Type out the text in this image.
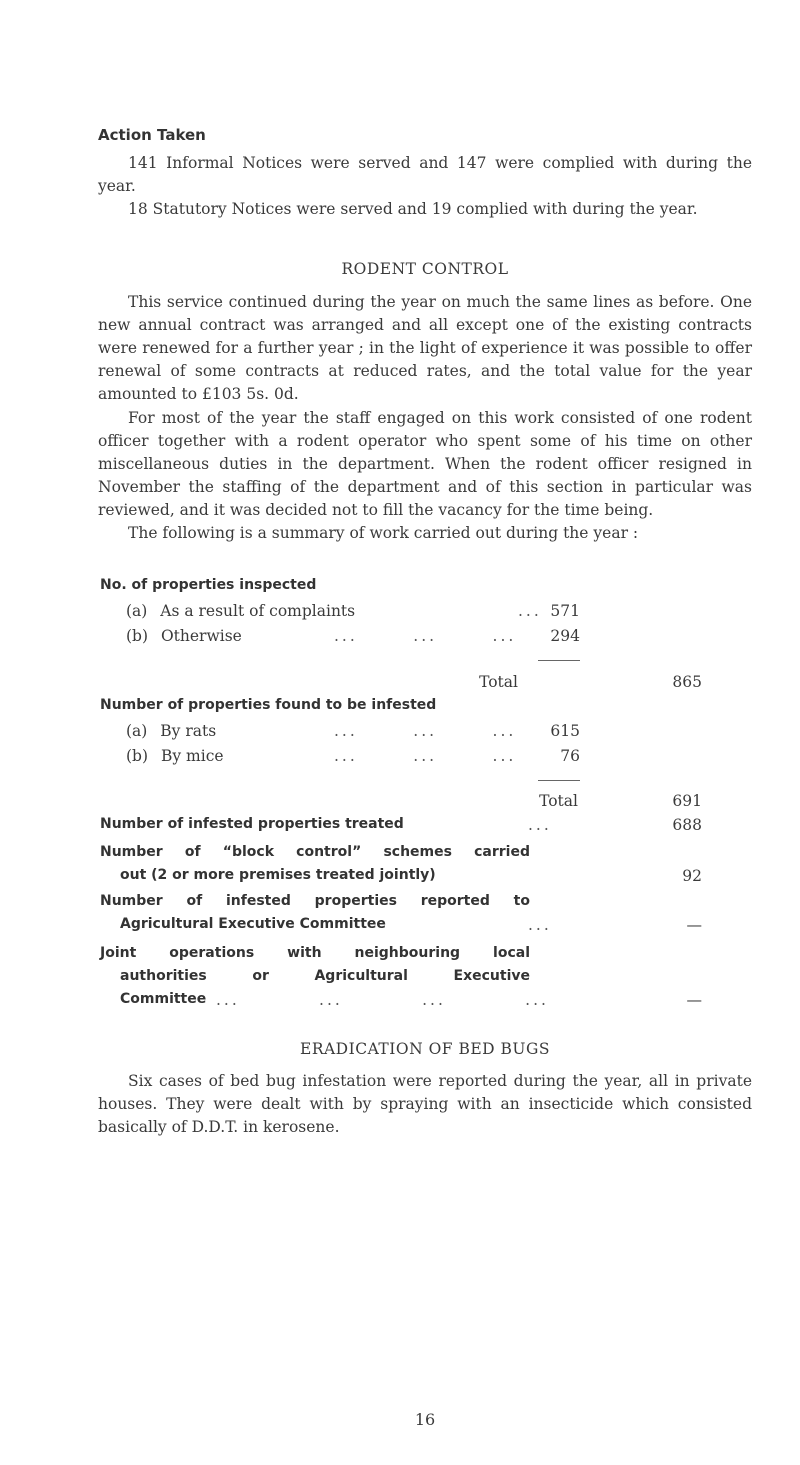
Action Taken

141 Informal Notices were served and 147 were complied with during the year.

18 Statutory Notices were served and 19 complied with during the year.

RODENT CONTROL

This service continued during the year on much the same lines as before. One new annual contract was arranged and all except one of the existing contracts were renewed for a further year ; in the light of experience it was possible to offer renewal of some contracts at reduced rates, and the total value for the year amounted to £103 5s. 0d.

For most of the year the staff engaged on this work consisted of one rodent officer together with a rodent operator who spent some of his time on other miscellaneous duties in the department. When the rodent officer resigned in November the staffing of the department and of this section in particular was reviewed, and it was decided not to fill the vacancy for the time being.

The following is a summary of work carried out during the year :

No. of properties inspected
(a) As a result of complaints	... 571
(b) Otherwise	...       ...       ...	294
Total	865
Number of properties found to be infested
(a) By rats	...       ...       ...	615
(b) By mice	...       ...       ...	76
Total	691
Number of infested properties treated	...	688
Number of “block control” schemes carried
out (2 or more premises treated jointly)	92
Number of infested properties reported to
Agricultural Executive Committee	...	—
Joint operations with neighbouring local
authorities or Agricultural Executive
Committee ...          ...          ...          ...	—
ERADICATION OF BED BUGS

Six cases of bed bug infestation were reported during the year, all in private houses. They were dealt with by spraying with an insecticide which consisted basically of D.D.T. in kerosene.

16
